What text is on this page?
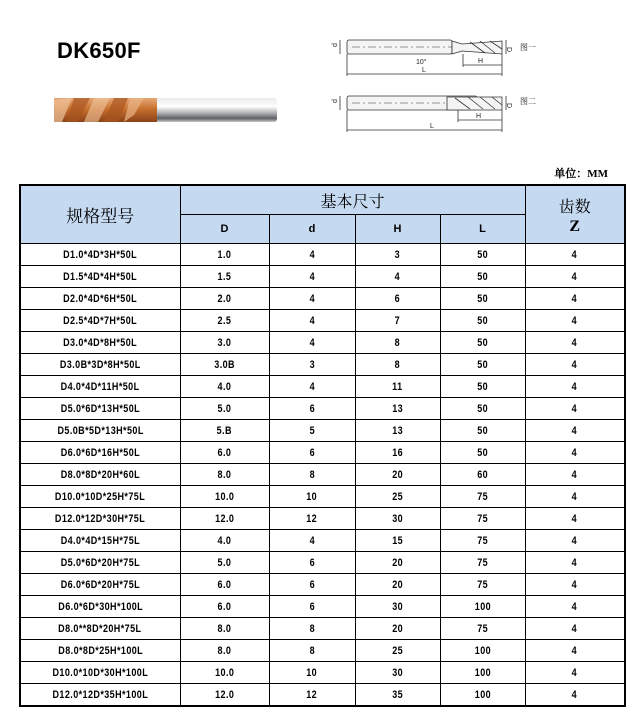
DK650F	d
D
10°	H
L
图一
d
D
H
L
图二
单位：MM
规格型号	基本尺寸				齿数
Z

	D	d	H	L	
D1.0*4D*3H*50L	1.0	4	3	50	4
D1.5*4D*4H*50L	1.5	4	4	50	4
D2.0*4D*6H*50L	2.0	4	6	50	4
D2.5*4D*7H*50L	2.5	4	7	50	4
D3.0*4D*8H*50L	3.0	4	8	50	4
D3.0B*3D*8H*50L	3.0B	3	8	50	4
D4.0*4D*11H*50L	4.0	4	11	50	4
D5.0*6D*13H*50L	5.0	6	13	50	4
D5.0B*5D*13H*50L	5.B	5	13	50	4
D6.0*6D*16H*50L	6.0	6	16	50	4
D8.0*8D*20H*60L	8.0	8	20	60	4
D10.0*10D*25H*75L	10.0	10	25	75	4
D12.0*12D*30H*75L	12.0	12	30	75	4
D4.0*4D*15H*75L	4.0	4	15	75	4
D5.0*6D*20H*75L	5.0	6	20	75	4
D6.0*6D*20H*75L	6.0	6	20	75	4
D6.0*6D*30H*100L	6.0	6	30	100	4
D8.0**8D*20H*75L	8.0	8	20	75	4
D8.0*8D*25H*100L	8.0	8	25	100	4
D10.0*10D*30H*100L	10.0	10	30	100	4
D12.0*12D*35H*100L	12.0	12	35	100	4
